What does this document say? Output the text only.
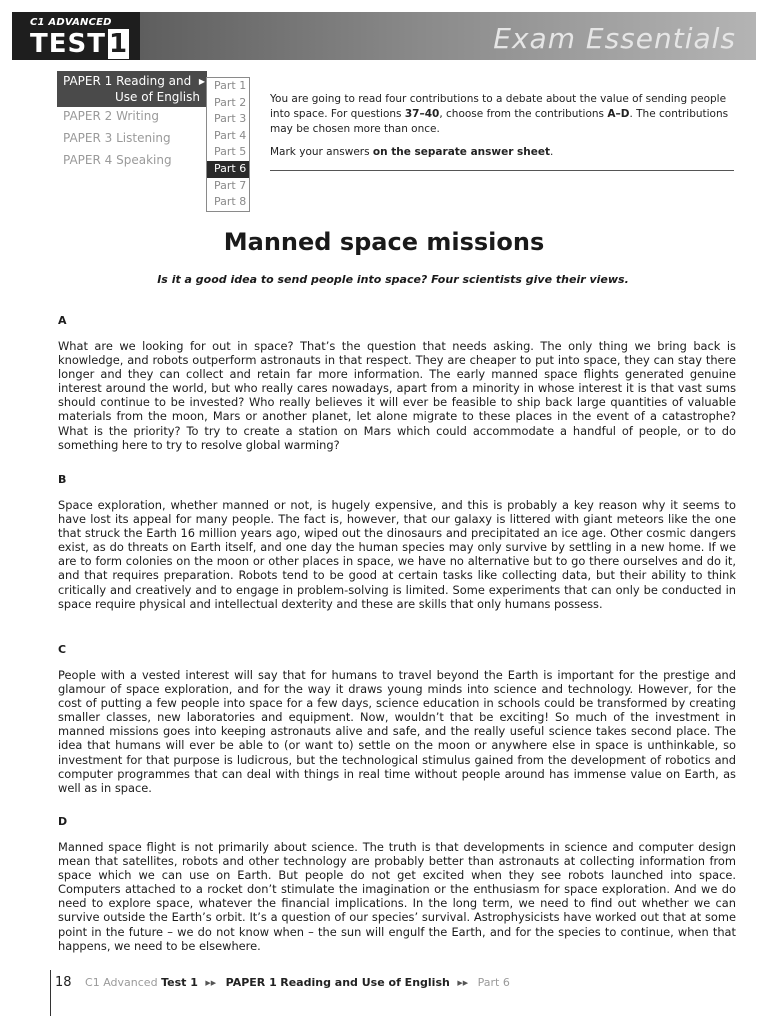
C1 ADVANCED
TEST 1	Exam Essentials
PAPER 1 Reading and ▶
Use of English
PAPER 2 Writing
PAPER 3 Listening
PAPER 4 Speaking
Part 1
Part 2
Part 3
Part 4
Part 5
Part 6
Part 7
Part 8

You are going to read four contributions to a debate about the value of sending people into space. For questions 37–40, choose from the contributions A–D. The contributions may be chosen more than once.

Mark your answers on the separate answer sheet.

Manned space missions
Is it a good idea to send people into space? Four scientists give their views.

A

What are we looking for out in space? That’s the question that needs asking. The only thing we bring back is knowledge, and robots outperform astronauts in that respect. They are cheaper to put into space, they can stay there longer and they can collect and retain far more information. The early manned space flights generated genuine interest around the world, but who really cares nowadays, apart from a minority in whose interest it is that vast sums should continue to be invested? Who really believes it will ever be feasible to ship back large quantities of valuable materials from the moon, Mars or another planet, let alone migrate to these places in the event of a catastrophe? What is the priority? To try to create a station on Mars which could accommodate a handful of people, or to do something here to try to resolve global warming?

B

Space exploration, whether manned or not, is hugely expensive, and this is probably a key reason why it seems to have lost its appeal for many people. The fact is, however, that our galaxy is littered with giant meteors like the one that struck the Earth 16 million years ago, wiped out the dinosaurs and precipitated an ice age. Other cosmic dangers exist, as do threats on Earth itself, and one day the human species may only survive by settling in a new home. If we are to form colonies on the moon or other places in space, we have no alternative but to go there ourselves and do it, and that requires preparation. Robots tend to be good at certain tasks like collecting data, but their ability to think critically and creatively and to engage in problem-solving is limited. Some experiments that can only be conducted in space require physical and intellectual dexterity and these are skills that only humans possess.

C

People with a vested interest will say that for humans to travel beyond the Earth is important for the prestige and glamour of space exploration, and for the way it draws young minds into science and technology. However, for the cost of putting a few people into space for a few days, science education in schools could be transformed by creating smaller classes, new laboratories and equipment. Now, wouldn’t that be exciting! So much of the investment in manned missions goes into keeping astronauts alive and safe, and the really useful science takes second place. The idea that humans will ever be able to (or want to) settle on the moon or anywhere else in space is unthinkable, so investment for that purpose is ludicrous, but the technological stimulus gained from the development of robotics and computer programmes that can deal with things in real time without people around has immense value on Earth, as well as in space.

D

Manned space flight is not primarily about science. The truth is that developments in science and computer design mean that satellites, robots and other technology are probably better than astronauts at collecting information from space which we can use on Earth. But people do not get excited when they see robots launched into space. Computers attached to a rocket don’t stimulate the imagination or the enthusiasm for space exploration. And we do need to explore space, whatever the financial implications. In the long term, we need to find out whether we can survive outside the Earth’s orbit. It’s a question of our species’ survival. Astrophysicists have worked out that at some point in the future – we do not know when – the sun will engulf the Earth, and for the species to continue, when that happens, we need to be elsewhere.

18 C1 Advanced Test 1 ▶▶ PAPER 1 Reading and Use of English ▶▶ Part 6
